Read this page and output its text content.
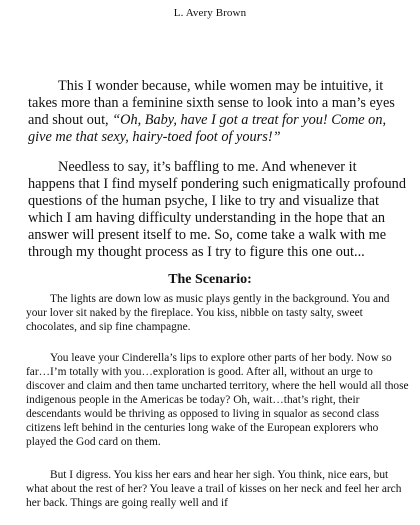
L. Avery Brown

This I wonder because, while women may be intuitive, it takes more than a feminine sixth sense to look into a man’s eyes and shout out, “Oh, Baby, have I got a treat for you! Come on, give me that sexy, hairy-toed foot of yours!”

Needless to say, it’s baffling to me. And whenever it happens that I find myself pondering such enigmatically profound questions of the human psyche, I like to try and visualize that which I am having difficulty understanding in the hope that an answer will present itself to me. So, come take a walk with me through my thought process as I try to figure this one out...

The Scenario:

The lights are down low as music plays gently in the background. You and your lover sit naked by the fireplace. You kiss, nibble on tasty salty, sweet chocolates, and sip fine champagne.

You leave your Cinderella’s lips to explore other parts of her body. Now so far…I’m totally with you…exploration is good. After all, without an urge to discover and claim and then tame uncharted territory, where the hell would all those indigenous people in the Americas be today? Oh, wait…that’s right, their descendants would be thriving as opposed to living in squalor as second class citizens left behind in the centuries long wake of the European explorers who played the God card on them.

But I digress. You kiss her ears and hear her sigh. You think, nice ears, but what about the rest of her? You leave a trail of kisses on her neck and feel her arch her back. Things are going really well and if
